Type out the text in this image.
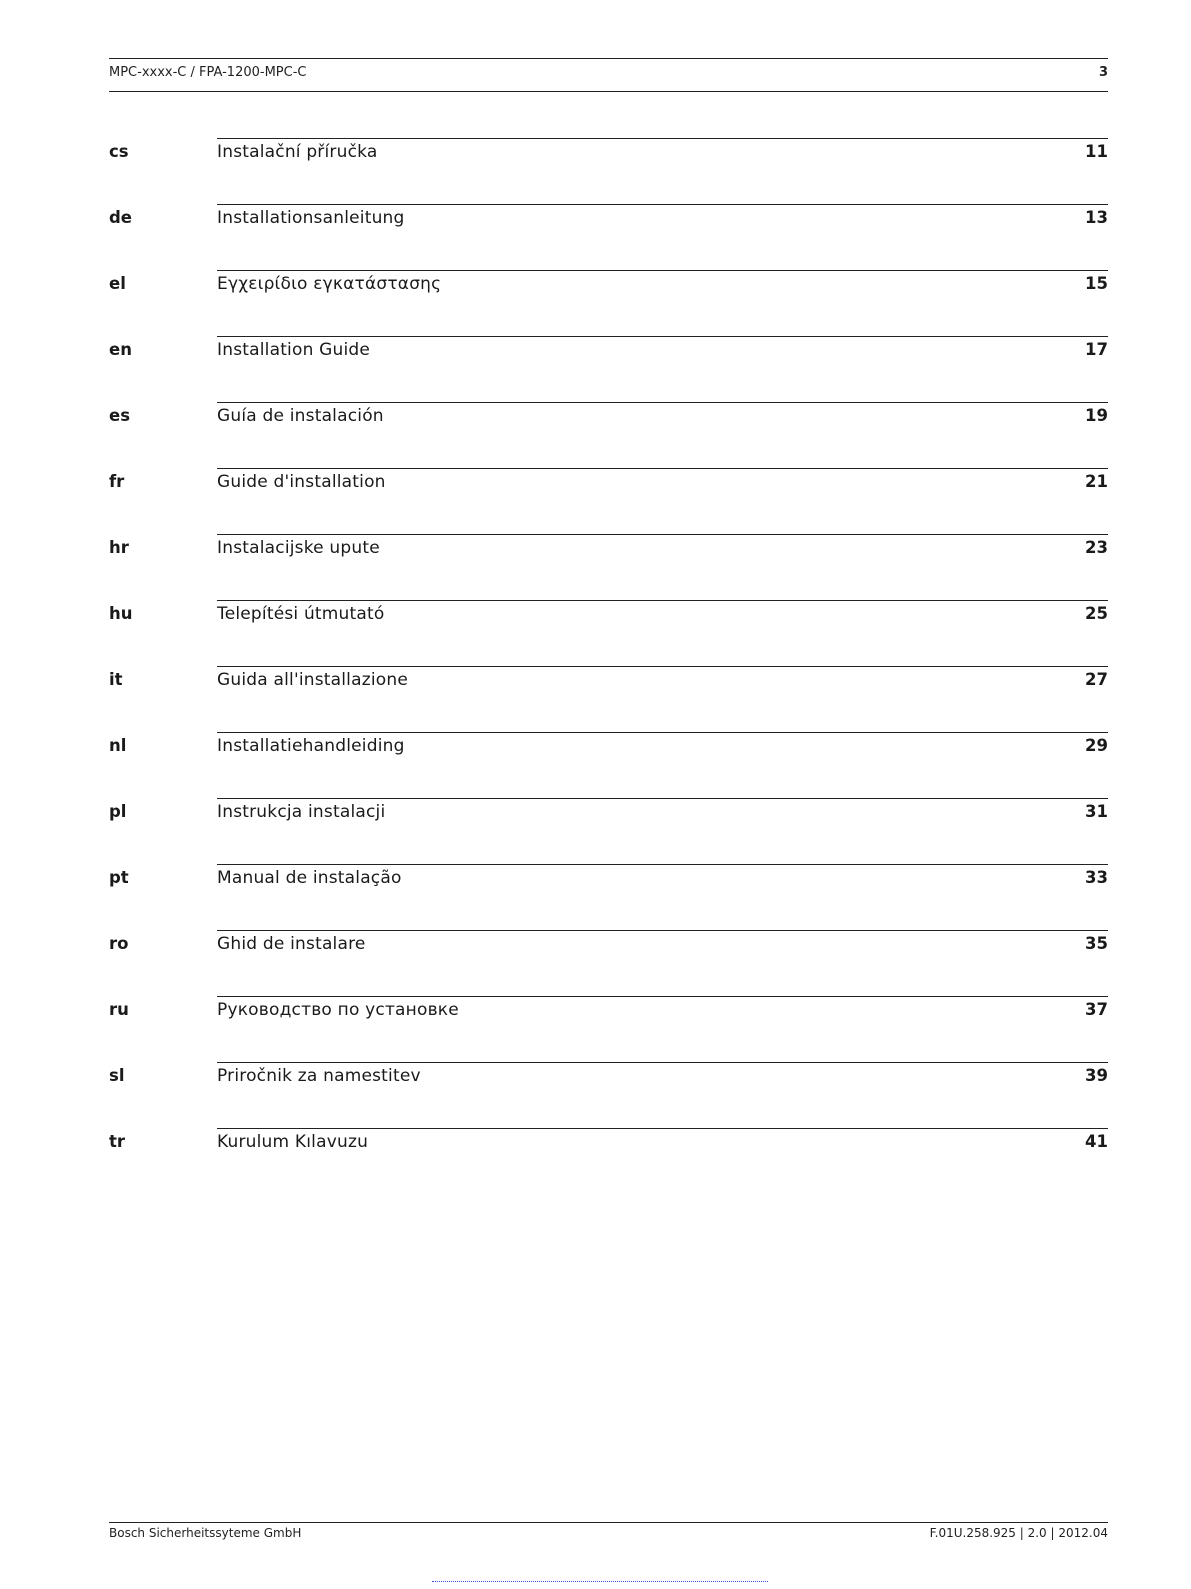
MPC-xxxx-C / FPA-1200-MPC-C	3
cs	Instalační příručka	11
de	Installationsanleitung	13
el	Εγχειρίδιο εγκατάστασης	15
en	Installation Guide	17
es	Guía de instalación	19
fr	Guide d'installation	21
hr	Instalacijske upute	23
hu	Telepítési útmutató	25
it	Guida all'installazione	27
nl	Installatiehandleiding	29
pl	Instrukcja instalacji	31
pt	Manual de instalação	33
ro	Ghid de instalare	35
ru	Руководство по установке	37
sl	Priročnik za namestitev	39
tr	Kurulum Kılavuzu	41
Bosch Sicherheitssyteme GmbH	F.01U.258.925 | 2.0 | 2012.04
